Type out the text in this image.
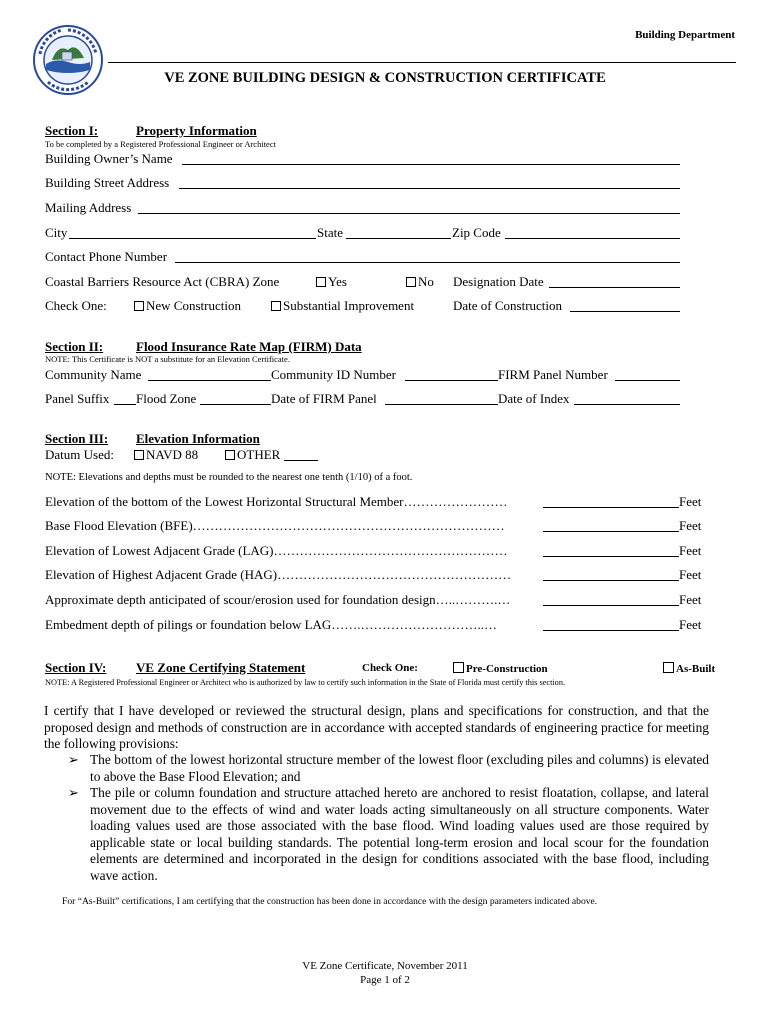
Building Department
VE ZONE BUILDING DESIGN & CONSTRUCTION CERTIFICATE
Section I:	Property Information
To be completed by a Registered Professional Engineer or Architect
Building Owner’s Name
Building Street Address
Mailing Address
City	State	Zip Code
Contact Phone Number
Coastal Barriers Resource Act (CBRA) Zone	Yes	No Designation Date
Check One:	New Construction	Substantial Improvement	Date of Construction
Section II:	Flood Insurance Rate Map (FIRM) Data
NOTE: This Certificate is NOT a substitute for an Elevation Certificate.
Community Name	Community ID Number	FIRM Panel Number
Panel Suffix Flood Zone	Date of FIRM Panel	Date of Index
Section III: Elevation Information
Datum Used:	NAVD 88	OTHER
NOTE: Elevations and depths must be rounded to the nearest one tenth (1/10) of a foot.
Elevation of the bottom of the Lowest Horizontal Structural Member……………………	Feet
Base Flood Elevation (BFE)………………………………………………………………	Feet
Elevation of Lowest Adjacent Grade (LAG)………………………………………………	Feet
Elevation of Highest Adjacent Grade (HAG)………………………………………………	Feet
Approximate depth anticipated of scour/erosion used for foundation design…..……….…	Feet
Embedment depth of pilings or foundation below LAG…….………………………..…	Feet
Section IV: VE Zone Certifying Statement	Check One:	Pre-Construction	As-Built
NOTE: A Registered Professional Engineer or Architect who is authorized by law to certify such information in the State of Florida must certify this section.
I certify that I have developed or reviewed the structural design, plans and specifications for construction, and that the proposed design and methods of construction are in accordance with accepted standards of engineering practice for meeting the following provisions:
➢ The bottom of the lowest horizontal structure member of the lowest floor (excluding piles and columns) is elevated to above the Base Flood Elevation; and
➢ The pile or column foundation and structure attached hereto are anchored to resist floatation, collapse, and lateral movement due to the effects of wind and water loads acting simultaneously on all structure components. Water loading values used are those associated with the base flood. Wind loading values used are those required by applicable state or local building standards. The potential long-term erosion and local scour for the foundation elements are determined and incorporated in the design for conditions associated with the base flood, including wave action.
For “As-Built” certifications, I am certifying that the construction has been done in accordance with the design parameters indicated above.
VE Zone Certificate, November 2011
Page 1 of 2
